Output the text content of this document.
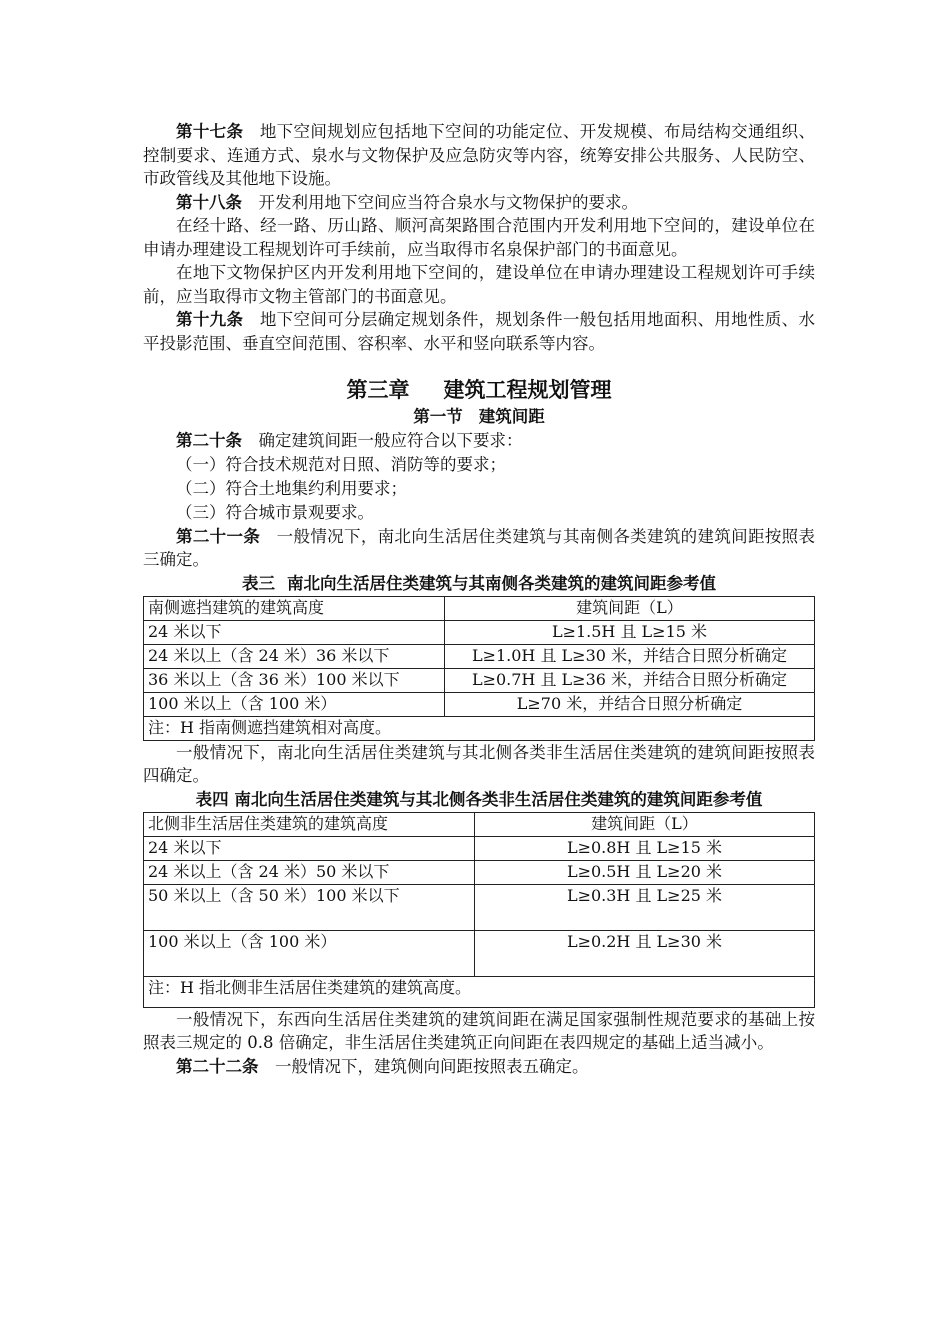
第十七条 地下空间规划应包括地下空间的功能定位、开发规模、布局结构交通组织、控制要求、连通方式、泉水与文物保护及应急防灾等内容，统筹安排公共服务、人民防空、市政管线及其他地下设施。

第十八条 开发利用地下空间应当符合泉水与文物保护的要求。

在经十路、经一路、历山路、顺河高架路围合范围内开发利用地下空间的，建设单位在申请办理建设工程规划许可手续前，应当取得市名泉保护部门的书面意见。

在地下文物保护区内开发利用地下空间的，建设单位在申请办理建设工程规划许可手续前，应当取得市文物主管部门的书面意见。

第十九条 地下空间可分层确定规划条件，规划条件一般包括用地面积、用地性质、水平投影范围、垂直空间范围、容积率、水平和竖向联系等内容。

第三章 建筑工程规划管理

第一节 建筑间距

第二十条 确定建筑间距一般应符合以下要求：

（一）符合技术规范对日照、消防等的要求；

（二）符合土地集约利用要求；

（三）符合城市景观要求。

第二十一条 一般情况下，南北向生活居住类建筑与其南侧各类建筑的建筑间距按照表三确定。

表三 南北向生活居住类建筑与其南侧各类建筑的建筑间距参考值

南侧遮挡建筑的建筑高度	建筑间距（L）
24 米以下	L≥1.5H 且 L≥15 米
24 米以上（含 24 米）36 米以下	L≥1.0H 且 L≥30 米，并结合日照分析确定
36 米以上（含 36 米）100 米以下	L≥0.7H 且 L≥36 米，并结合日照分析确定
100 米以上（含 100 米）	L≥70 米，并结合日照分析确定
注：H 指南侧遮挡建筑相对高度。	

一般情况下，南北向生活居住类建筑与其北侧各类非生活居住类建筑的建筑间距按照表四确定。

表四 南北向生活居住类建筑与其北侧各类非生活居住类建筑的建筑间距参考值

北侧非生活居住类建筑的建筑高度	建筑间距（L）
24 米以下	L≥0.8H 且 L≥15 米
24 米以上（含 24 米）50 米以下	L≥0.5H 且 L≥20 米
50 米以上（含 50 米）100 米以下	L≥0.3H 且 L≥25 米
100 米以上（含 100 米）	L≥0.2H 且 L≥30 米
注：H 指北侧非生活居住类建筑的建筑高度。	

一般情况下，东西向生活居住类建筑的建筑间距在满足国家强制性规范要求的基础上按照表三规定的 0.8 倍确定，非生活居住类建筑正向间距在表四规定的基础上适当减小。

第二十二条 一般情况下，建筑侧向间距按照表五确定。
